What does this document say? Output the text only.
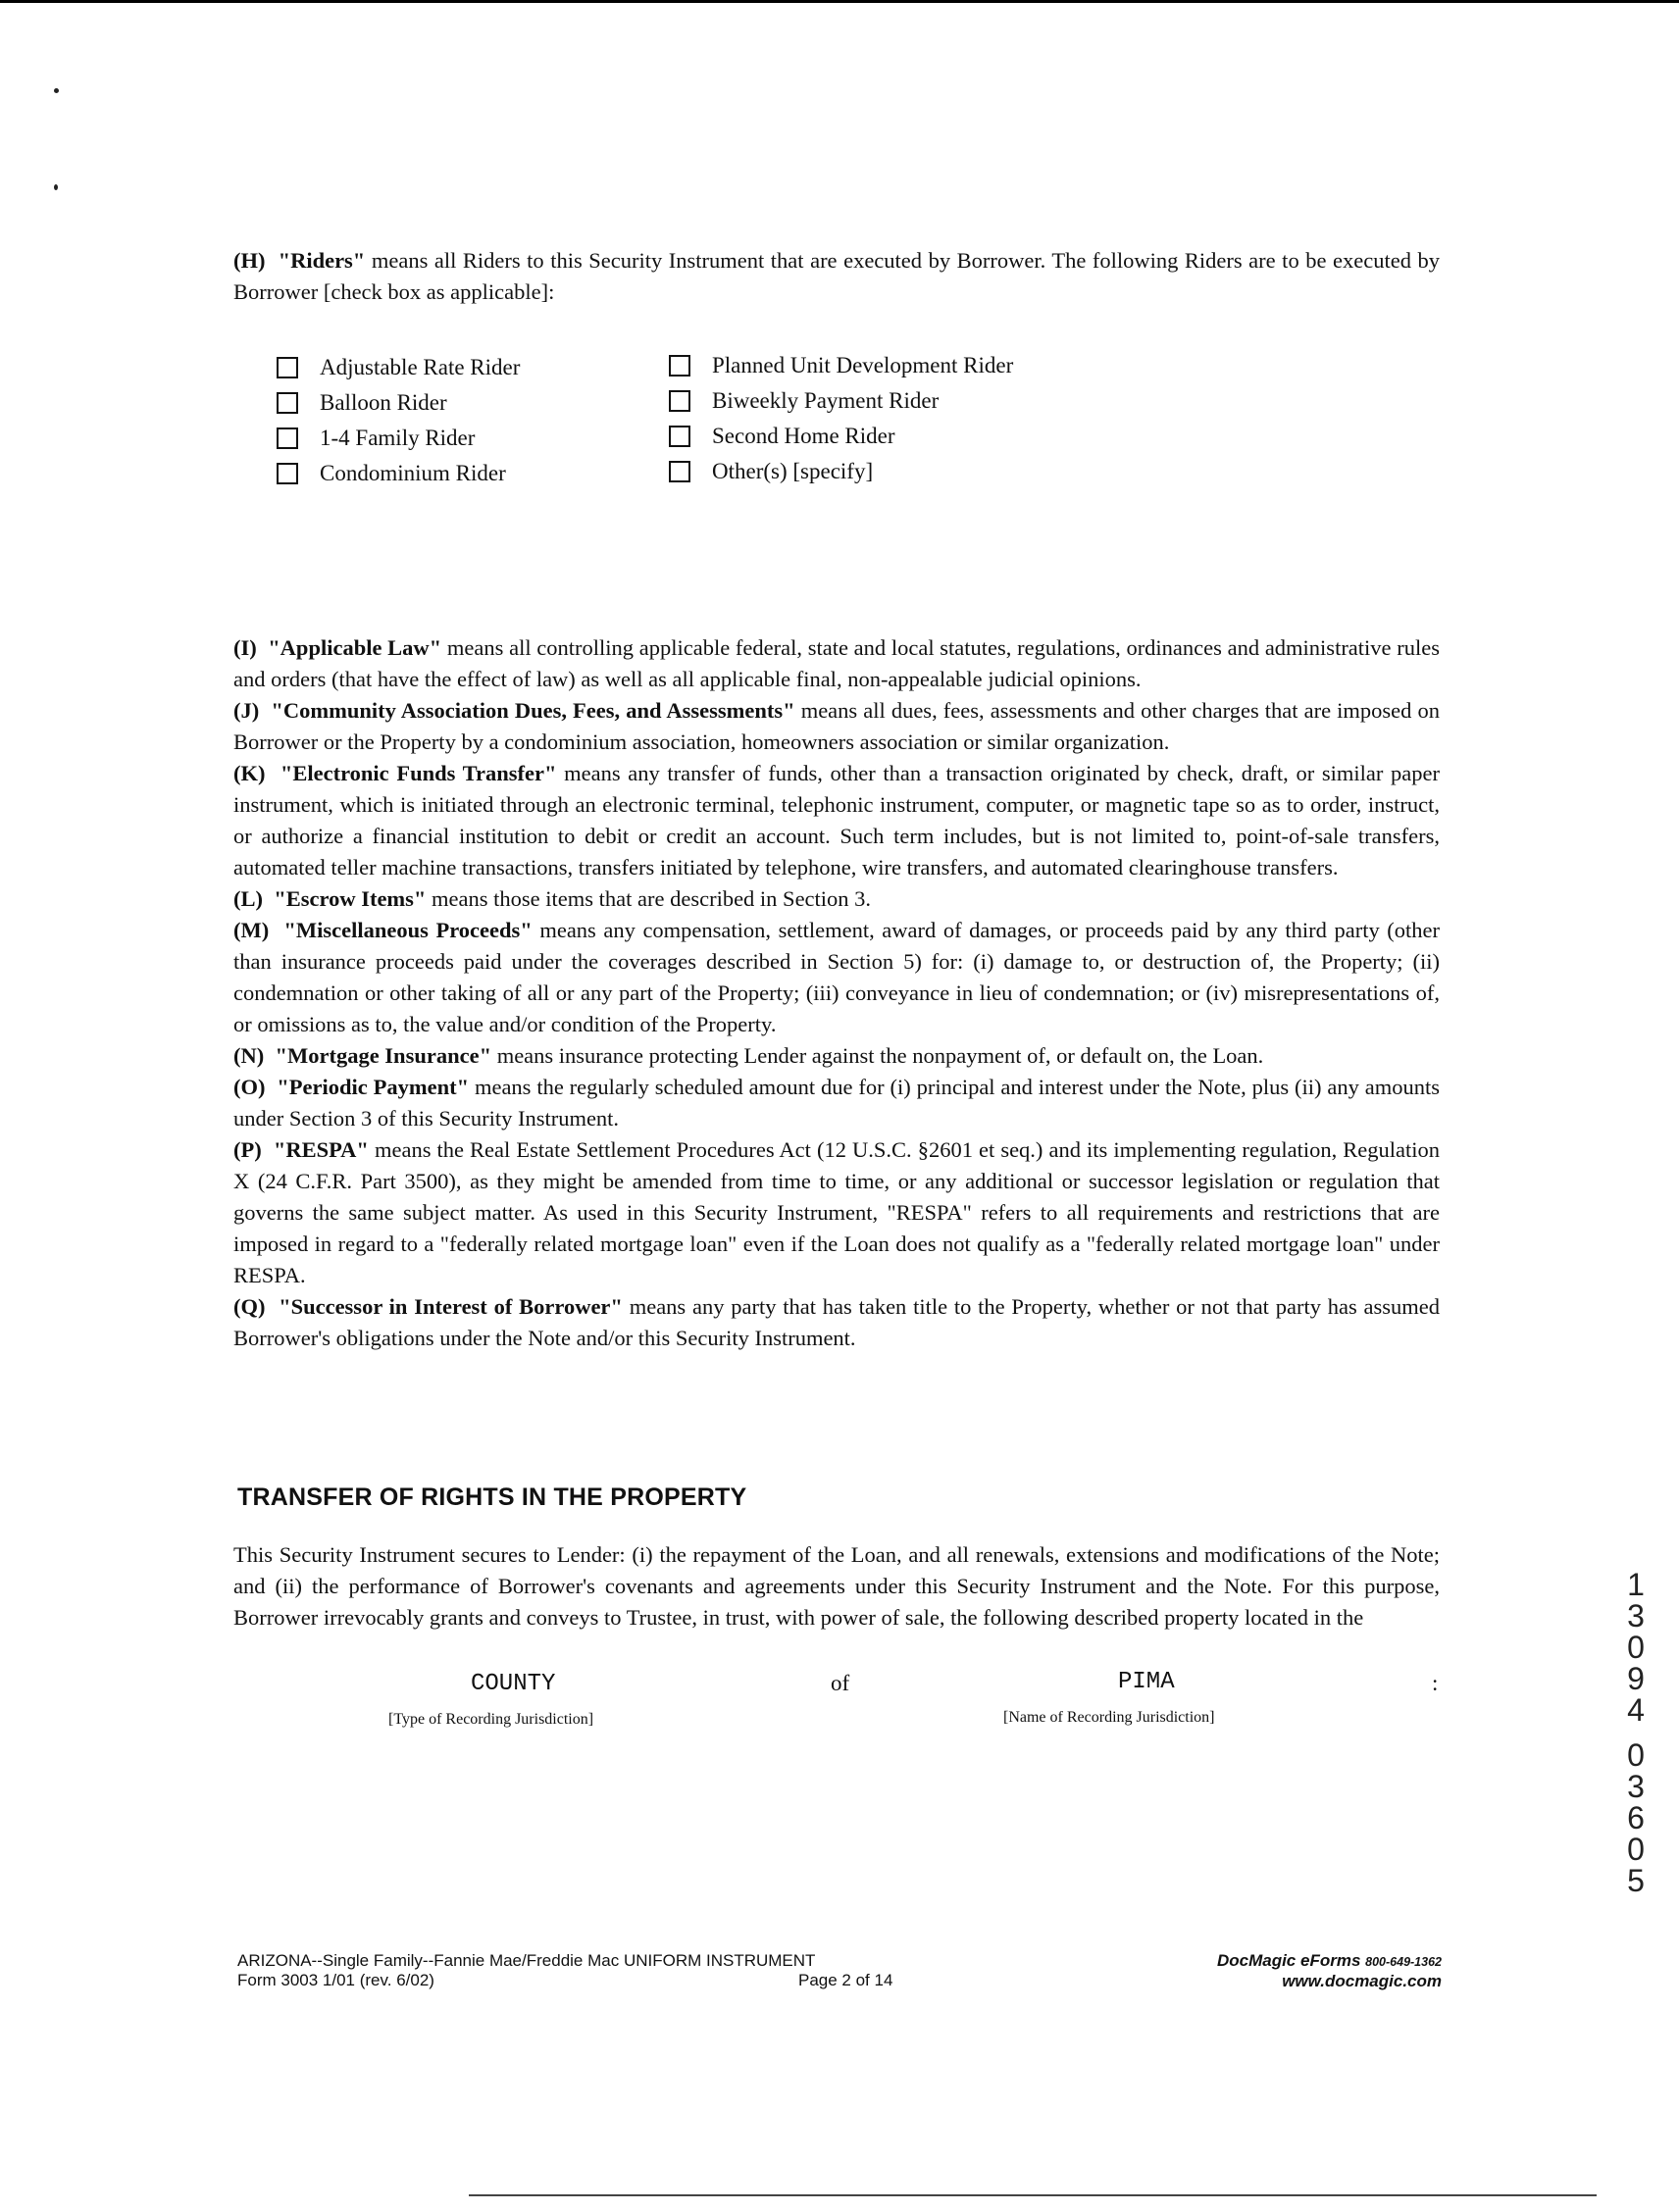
(H) "Riders" means all Riders to this Security Instrument that are executed by Borrower. The following Riders are to be executed by Borrower [check box as applicable]:
Adjustable Rate Rider
Balloon Rider
1-4 Family Rider
Condominium Rider
Planned Unit Development Rider
Biweekly Payment Rider
Second Home Rider
Other(s) [specify]

(I) "Applicable Law" means all controlling applicable federal, state and local statutes, regulations, ordinances and administrative rules and orders (that have the effect of law) as well as all applicable final, non-appealable judicial opinions.

(J) "Community Association Dues, Fees, and Assessments" means all dues, fees, assessments and other charges that are imposed on Borrower or the Property by a condominium association, homeowners association or similar organization.

(K) "Electronic Funds Transfer" means any transfer of funds, other than a transaction originated by check, draft, or similar paper instrument, which is initiated through an electronic terminal, telephonic instrument, computer, or magnetic tape so as to order, instruct, or authorize a financial institution to debit or credit an account. Such term includes, but is not limited to, point-of-sale transfers, automated teller machine transactions, transfers initiated by telephone, wire transfers, and automated clearinghouse transfers.

(L) "Escrow Items" means those items that are described in Section 3.

(M) "Miscellaneous Proceeds" means any compensation, settlement, award of damages, or proceeds paid by any third party (other than insurance proceeds paid under the coverages described in Section 5) for: (i) damage to, or destruction of, the Property; (ii) condemnation or other taking of all or any part of the Property; (iii) conveyance in lieu of condemnation; or (iv) misrepresentations of, or omissions as to, the value and/or condition of the Property.

(N) "Mortgage Insurance" means insurance protecting Lender against the nonpayment of, or default on, the Loan.

(O) "Periodic Payment" means the regularly scheduled amount due for (i) principal and interest under the Note, plus (ii) any amounts under Section 3 of this Security Instrument.

(P) "RESPA" means the Real Estate Settlement Procedures Act (12 U.S.C. §2601 et seq.) and its implementing regulation, Regulation X (24 C.F.R. Part 3500), as they might be amended from time to time, or any additional or successor legislation or regulation that governs the same subject matter. As used in this Security Instrument, "RESPA" refers to all requirements and restrictions that are imposed in regard to a "federally related mortgage loan" even if the Loan does not qualify as a "federally related mortgage loan" under RESPA.

(Q) "Successor in Interest of Borrower" means any party that has taken title to the Property, whether or not that party has assumed Borrower's obligations under the Note and/or this Security Instrument.

TRANSFER OF RIGHTS IN THE PROPERTY
This Security Instrument secures to Lender: (i) the repayment of the Loan, and all renewals, extensions and modifications of the Note; and (ii) the performance of Borrower's covenants and agreements under this Security Instrument and the Note. For this purpose, Borrower irrevocably grants and conveys to Trustee, in trust, with power of sale, the following described property located in the
COUNTY	of	PIMA	:
[Type of Recording Jurisdiction]	[Name of Recording Jurisdiction]
1
3
0
9
4
0
3
6
0
5
ARIZONA--Single Family--Fannie Mae/Freddie Mac UNIFORM INSTRUMENT
Form 3003 1/01 (rev. 6/02)	Page 2 of 14
DocMagic eForms 800-649-1362
www.docmagic.com
